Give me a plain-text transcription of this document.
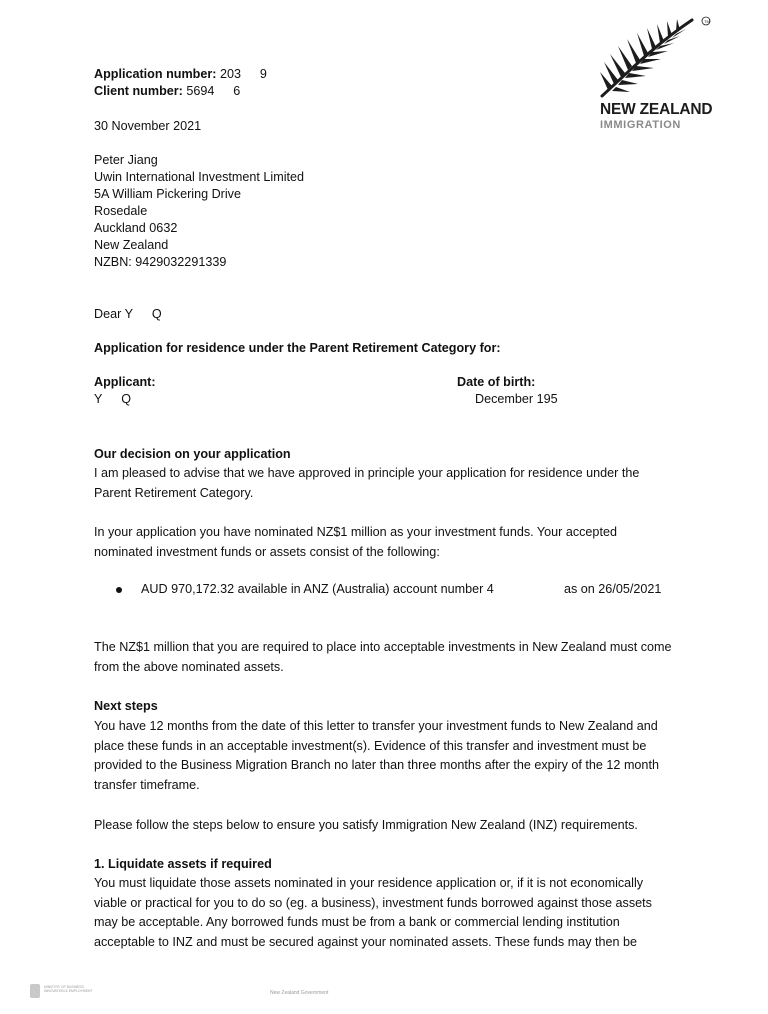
TM
NEW ZEALAND
IMMIGRATION
Application number: 203   9
Client number: 5694   6
30 November 2021
Peter Jiang
Uwin International Investment Limited
5A William Pickering Drive
Rosedale
Auckland 0632
New Zealand
NZBN: 9429032291339
Dear Y   Q
Application for residence under the Parent Retirement Category for:
Applicant:
Y   Q
Date of birth:
December 195
Our decision on your application
I am pleased to advise that we have approved in principle your application for residence under the Parent Retirement Category.
In your application you have nominated NZ$1 million as your investment funds. Your accepted nominated investment funds or assets consist of the following:
AUD 970,172.32 available in ANZ (Australia) account number 4	as on 26/05/2021
The NZ$1 million that you are required to place into acceptable investments in New Zealand must come from the above nominated assets.
Next steps
You have 12 months from the date of this letter to transfer your investment funds to New Zealand and place these funds in an acceptable investment(s). Evidence of this transfer and investment must be provided to the Business Migration Branch no later than three months after the expiry of the 12 month transfer timeframe.
Please follow the steps below to ensure you satisfy Immigration New Zealand (INZ) requirements.
1. Liquidate assets if required
You must liquidate those assets nominated in your residence application or, if it is not economically viable or practical for you to do so (eg. a business), investment funds borrowed against those assets may be acceptable. Any borrowed funds must be from a bank or commercial lending institution acceptable to INZ and must be secured against your nominated assets. These funds may then be
MINISTRY OF BUSINESS,
INNOVATION & EMPLOYMENT	New Zealand Government
